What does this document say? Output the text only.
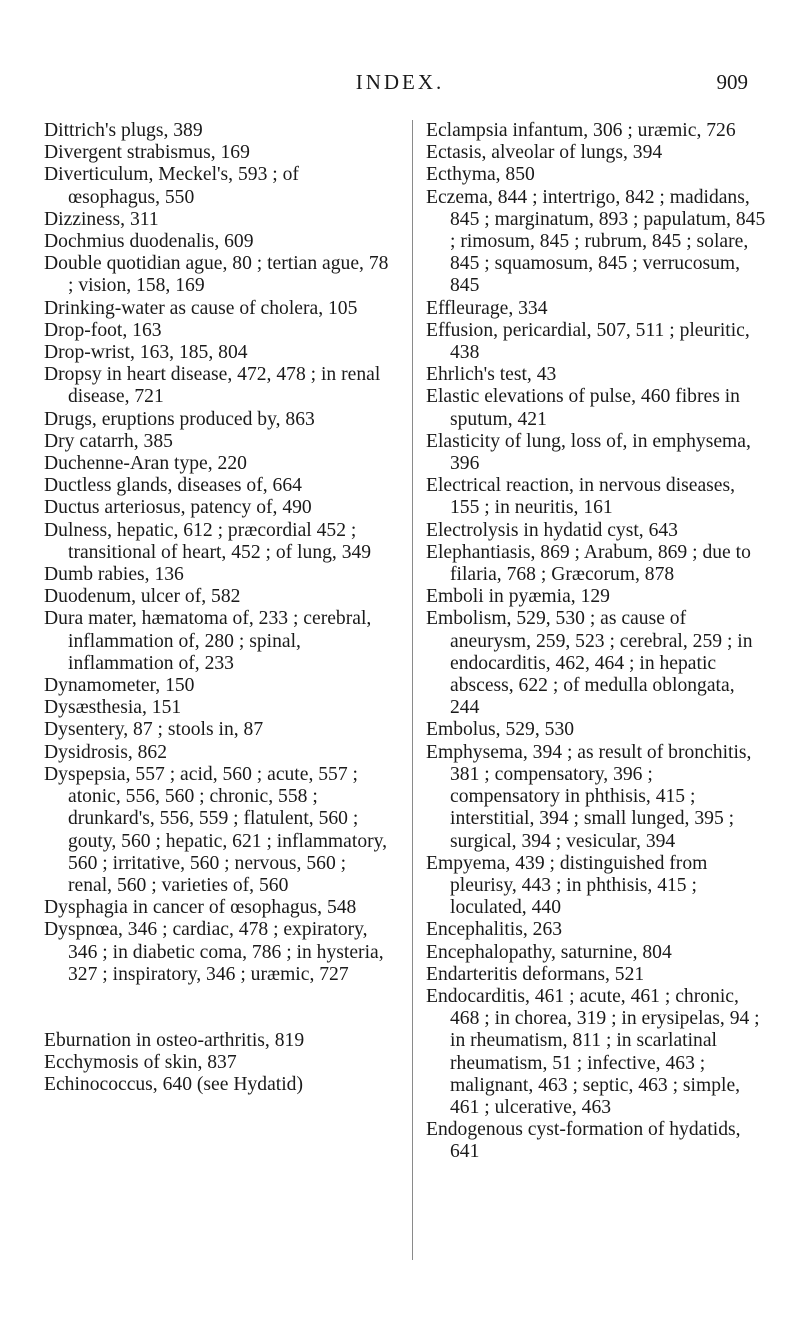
INDEX.	909

Dittrich's plugs, 389

Divergent strabismus, 169

Diverticulum, Meckel's, 593 ; of œsophagus, 550

Dizziness, 311

Dochmius duodenalis, 609

Double quotidian ague, 80 ; tertian ague, 78 ; vision, 158, 169

Drinking-water as cause of cholera, 105

Drop-foot, 163

Drop-wrist, 163, 185, 804

Dropsy in heart disease, 472, 478 ; in renal disease, 721

Drugs, eruptions produced by, 863

Dry catarrh, 385

Duchenne-Aran type, 220

Ductless glands, diseases of, 664

Ductus arteriosus, patency of, 490

Dulness, hepatic, 612 ; præcordial 452 ; transitional of heart, 452 ; of lung, 349

Dumb rabies, 136

Duodenum, ulcer of, 582

Dura mater, hæmatoma of, 233 ; cerebral, inflammation of, 280 ; spinal, inflammation of, 233

Dynamometer, 150

Dysæsthesia, 151

Dysentery, 87 ; stools in, 87

Dysidrosis, 862

Dyspepsia, 557 ; acid, 560 ; acute, 557 ; atonic, 556, 560 ; chronic, 558 ; drunkard's, 556, 559 ; flatulent, 560 ; gouty, 560 ; hepatic, 621 ; inflammatory, 560 ; irritative, 560 ; nervous, 560 ; renal, 560 ; varieties of, 560

Dysphagia in cancer of œsophagus, 548

Dyspnœa, 346 ; cardiac, 478 ; expiratory, 346 ; in diabetic coma, 786 ; in hysteria, 327 ; inspiratory, 346 ; uræmic, 727

Eburnation in osteo-arthritis, 819

Ecchymosis of skin, 837

Echinococcus, 640 (see Hydatid)

Eclampsia infantum, 306 ; uræmic, 726

Ectasis, alveolar of lungs, 394

Ecthyma, 850

Eczema, 844 ; intertrigo, 842 ; madidans, 845 ; marginatum, 893 ; papulatum, 845 ; rimosum, 845 ; rubrum, 845 ; solare, 845 ; squamosum, 845 ; verrucosum, 845

Effleurage, 334

Effusion, pericardial, 507, 511 ; pleuritic, 438

Ehrlich's test, 43

Elastic elevations of pulse, 460 fibres in sputum, 421

Elasticity of lung, loss of, in emphysema, 396

Electrical reaction, in nervous diseases, 155 ; in neuritis, 161

Electrolysis in hydatid cyst, 643

Elephantiasis, 869 ; Arabum, 869 ; due to filaria, 768 ; Græcorum, 878

Emboli in pyæmia, 129

Embolism, 529, 530 ; as cause of aneurysm, 259, 523 ; cerebral, 259 ; in endocarditis, 462, 464 ; in hepatic abscess, 622 ; of medulla oblongata, 244

Embolus, 529, 530

Emphysema, 394 ; as result of bronchitis, 381 ; compensatory, 396 ; compensatory in phthisis, 415 ; interstitial, 394 ; small lunged, 395 ; surgical, 394 ; vesicular, 394

Empyema, 439 ; distinguished from pleurisy, 443 ; in phthisis, 415 ; loculated, 440

Encephalitis, 263

Encephalopathy, saturnine, 804

Endarteritis deformans, 521

Endocarditis, 461 ; acute, 461 ; chronic, 468 ; in chorea, 319 ; in erysipelas, 94 ; in rheumatism, 811 ; in scarlatinal rheumatism, 51 ; infective, 463 ; malignant, 463 ; septic, 463 ; simple, 461 ; ulcerative, 463

Endogenous cyst-formation of hydatids, 641
